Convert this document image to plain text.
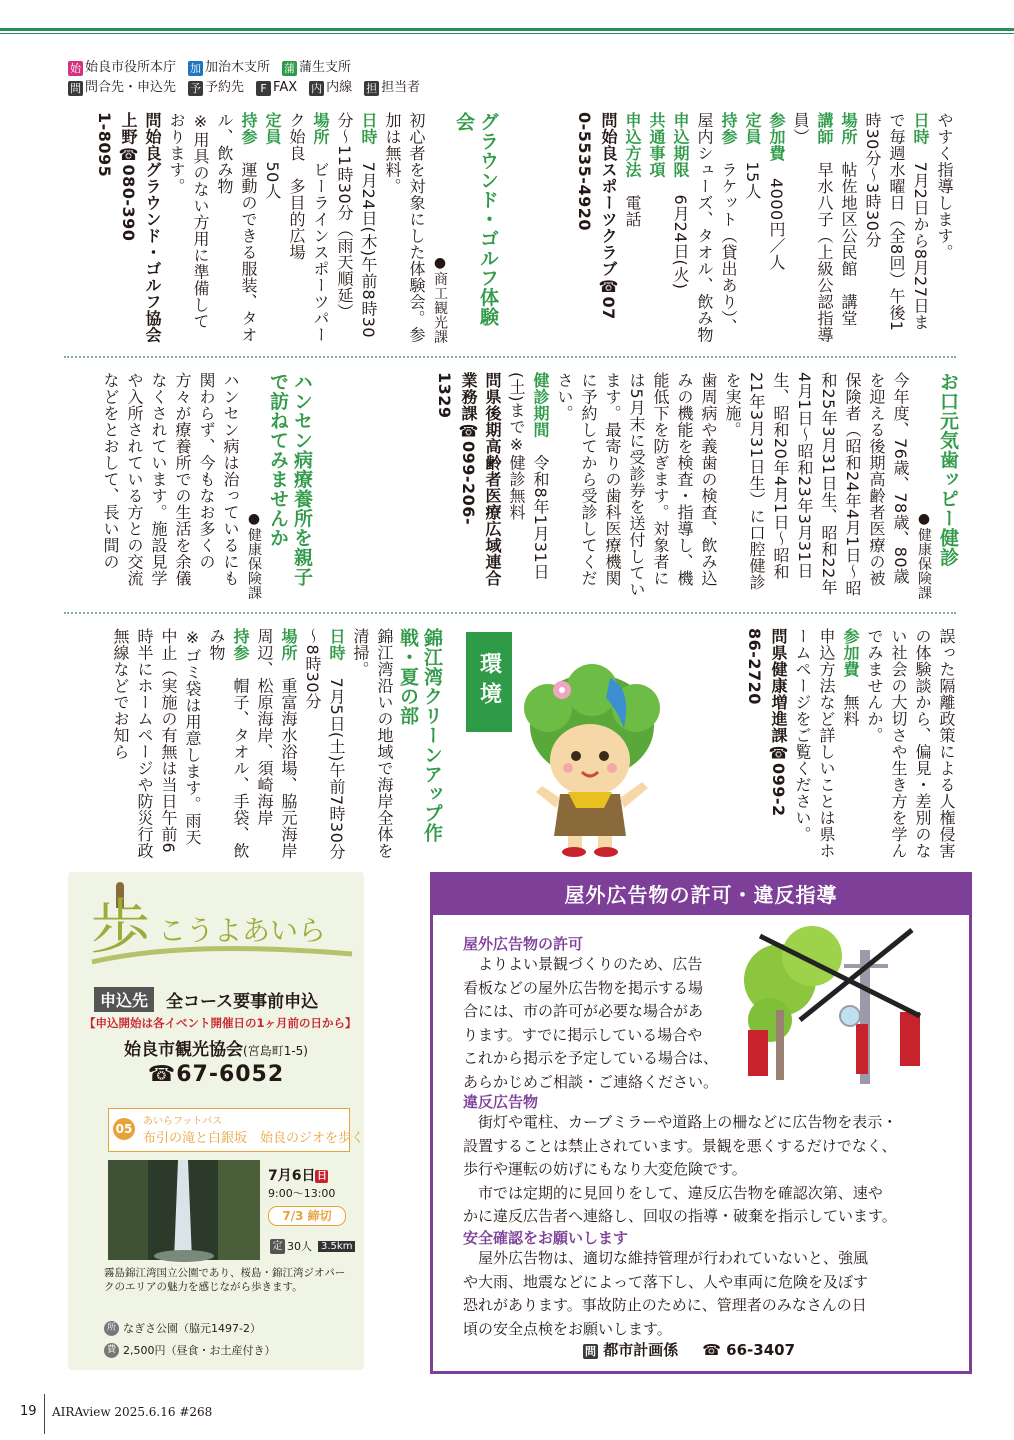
始 始良市役所本庁 加 加治木支所 蒲 蒲生支所
問 問合先・申込先 予 予約先	F FAX 内 内線 担 担当者

やすく指導します。

日時　7月2日から8月27日まで毎週水曜日（全8回）午後1時30分～3時30分

場所　帖佐地区公民館　講堂

講師　早水八子（上級公認指導員）

参加費　4000円／人

定員　15人

持参　ラケット（貸出あり）、屋内シューズ、タオル、飲み物

申込期限　6月24日(火)

共通事項

申込方法　電話

問始良スポーツクラブ☎07

0-5535-4920

グラウンド・ゴルフ体験会

●商工観光課

初心者を対象にした体験会。参加は無料。

日時　7月24日(木)午前8時30分～11時30分（雨天順延）

場所　ビーラインスポーツパーク始良　多目的広場

定員　50人

持参　運動のできる服装、タオル、飲み物

※用具のない方用に準備しております。

問始良グラウンド・ゴルフ協会上野☎080-390

1-8095

お口元気歯ッピー健診

●健康保険課

今年度、76歳、78歳、80歳を迎える後期高齢者医療の被保険者（昭和24年4月1日～昭和25年3月31日生、昭和22年4月1日～昭和23年3月31日生、昭和20年4月1日～昭和21年3月31日生）に口腔健診を実施。

歯周病や義歯の検査、飲み込みの機能を検査・指導し、機能低下を防ぎます。対象者には5月末に受診券を送付しています。最寄りの歯科医療機関に予約してから受診してください。

健診期間　令和8年1月31日(土)まで※健診無料

問県後期高齢者医療広域連合業務課☎099-206-

1329

ハンセン病療養所を親子

で訪ねてみませんか

●健康保険課

ハンセン病は治っているにも関わらず、今もなお多くの方々が療養所での生活を余儀なくされています。施設見学や入所されている方との交流などをとおして、長い間の

誤った隔離政策による人権侵害の体験談から、偏見・差別のない社会の大切さや生き方を学んでみませんか。

参加費　無料

申込方法など詳しいことは県ホームページをご覧ください。

問県健康増進課☎099-2

86-2720

環境

錦江湾クリーンアップ作戦・夏の部

錦江湾沿いの地域で海岸全体を清掃。

日時　7月5日(土)午前7時30分～8時30分

場所　重富海水浴場、脇元海岸周辺、松原海岸、須崎海岸

持参　帽子、タオル、手袋、飲み物

※ゴミ袋は用意します。雨天中止（実施の有無は当日午前6時半にホームページや防災行政無線などでお知ら

歩 こうよあいら
申込先	全コース要事前申込
【申込開始は各イベント開催日の1ヶ月前の日から】
始良市観光協会(宮島町1-5)
☎67-6052
05
あいらフットパス
布引の滝と白銀坂　始良のジオを歩く
7月6日 日
9:00～13:00
7/3 締切
定 30人 3.5km
霧島錦江湾国立公園であり、桜島・錦江湾ジオパークのエリアの魅力を感じながら歩きます。
所 なぎさ公園（脇元1497-2）
費 2,500円（昼食・お土産付き）
屋外広告物の許可・違反指導
屋外広告物の許可

よりよい景観づくりのため、広告

看板などの屋外広告物を掲示する場

合には、市の許可が必要な場合があ

ります。すでに掲示している場合や

これから掲示を予定している場合は、

あらかじめご相談・ご連絡ください。

違反広告物

街灯や電柱、カーブミラーや道路上の柵などに広告物を表示・

設置することは禁止されています。景観を悪くするだけでなく、

歩行や運転の妨げにもなり大変危険です。

市では定期的に見回りをして、違反広告物を確認次第、速や

かに違反広告者へ連絡し、回収の指導・破棄を指示しています。

安全確認をお願いします

屋外広告物は、適切な維持管理が行われていないと、強風

や大雨、地震などによって落下し、人や車両に危険を及ぼす

恐れがあります。事故防止のために、管理者のみなさんの日

頃の安全点検をお願いします。

問 都市計画係 ☎ 66-3407
19 AIRAview 2025.6.16 #268
